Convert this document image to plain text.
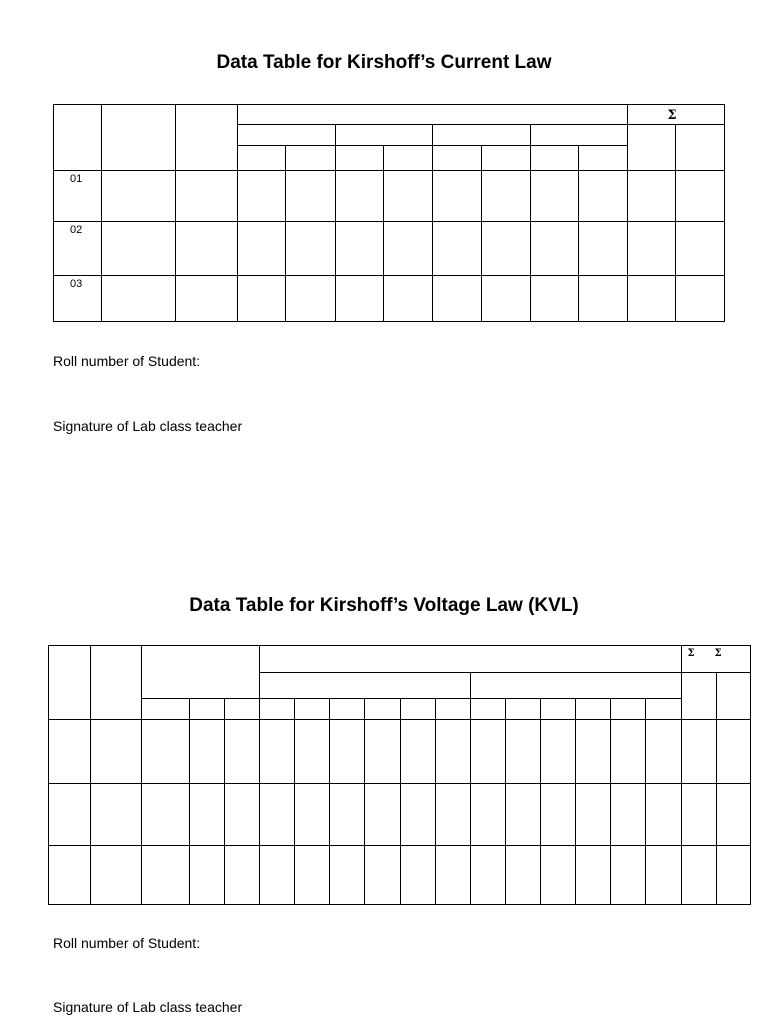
Data Table for Kirshoff’s Current Law
Σ
01
02
03
Roll number of Student:
Signature of Lab class teacher
Data Table for Kirshoff’s Voltage Law (KVL)
Σ Σ
Roll number of Student:
Signature of Lab class teacher
